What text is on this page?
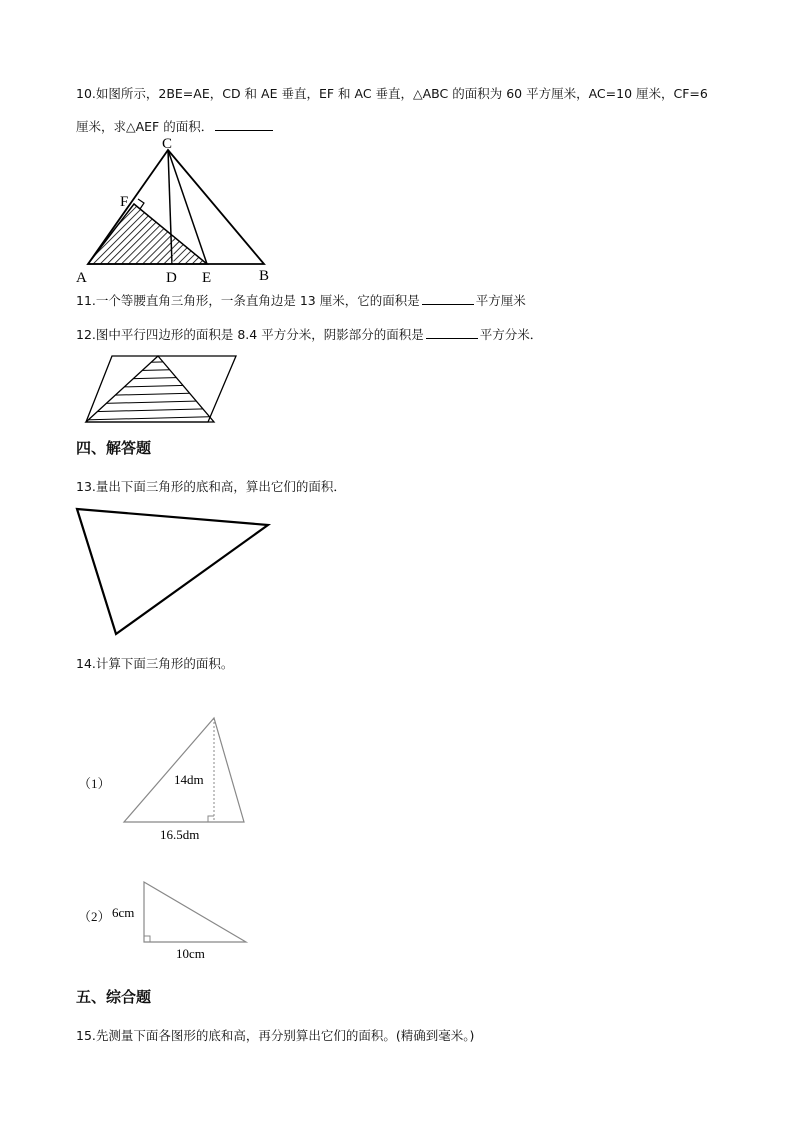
10.如图所示，2BE=AE，CD 和 AE 垂直，EF 和 AC 垂直，△ABC 的面积为 60 平方厘米，AC=10 厘米，CF=6
厘米，求△AEF 的面积．
C
F
A	D E	B
11.一个等腰直角三角形，一条直角边是 13 厘米，它的面积是	平方厘米
12.图中平行四边形的面积是 8.4 平方分米，阴影部分的面积是	平方分米．
四、解答题
13.量出下面三角形的底和高，算出它们的面积．
14.计算下面三角形的面积。
（1）	14dm
16.5dm
（2） 6cm
10cm
五、综合题
15.先测量下面各图形的底和高，再分别算出它们的面积。(精确到毫米。)
